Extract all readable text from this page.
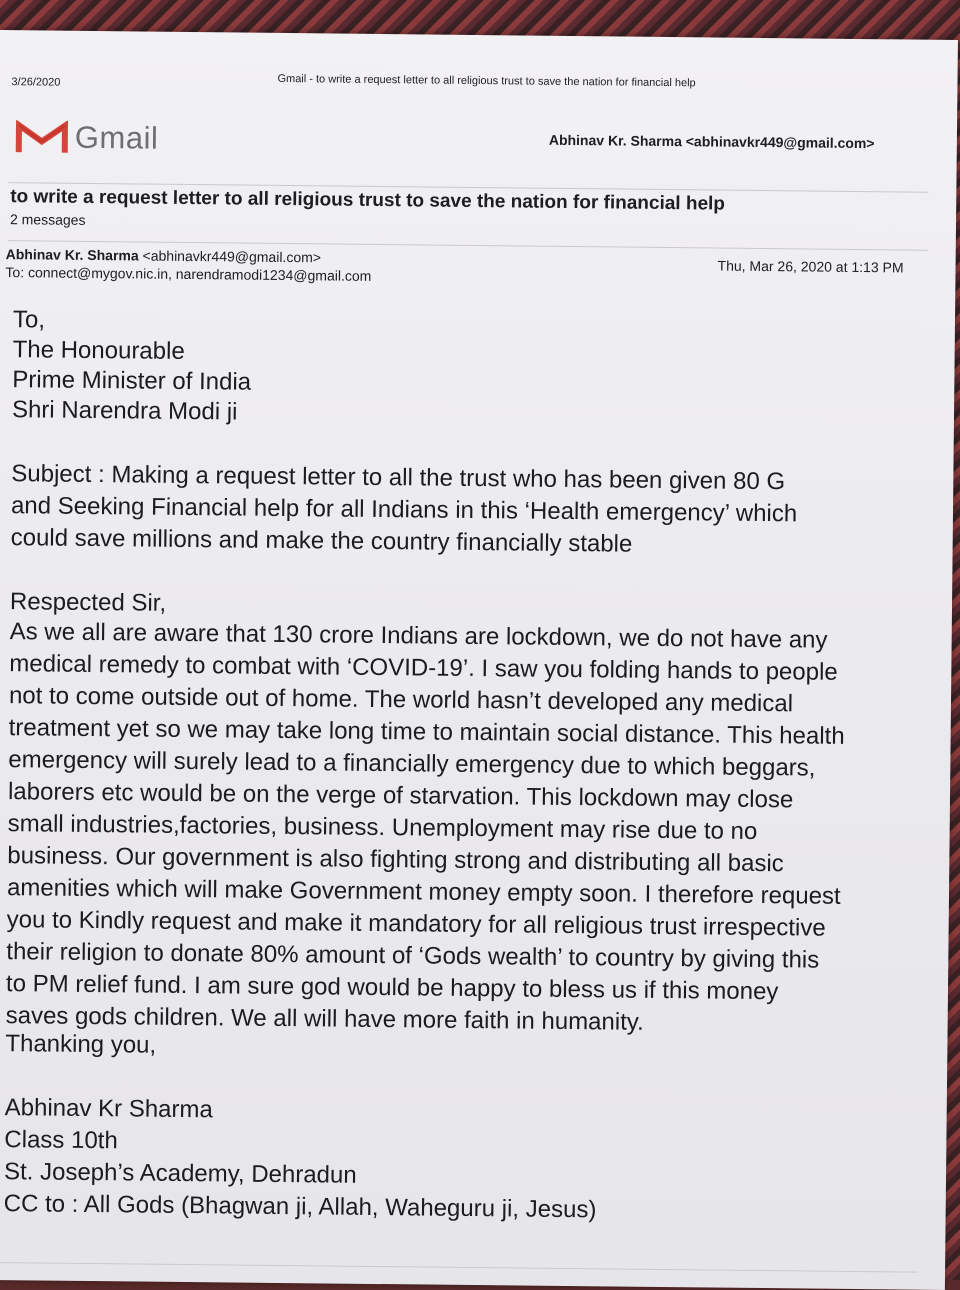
3/26/2020	Gmail - to write a request letter to all religious trust to save the nation for financial help
Gmail	Abhinav Kr. Sharma <abhinavkr449@gmail.com>
to write a request letter to all religious trust to save the nation for financial help
2 messages
Abhinav Kr. Sharma <abhinavkr449@gmail.com>
To: connect@mygov.nic.in, narendramodi1234@gmail.com	Thu, Mar 26, 2020 at 1:13 PM
To,
The Honourable
Prime Minister of India
Shri Narendra Modi ji
Subject : Making a request letter to all the trust who has been given 80 G
and Seeking Financial help for all Indians in this ‘Health emergency’ which
could save millions and make the country financially stable
Respected Sir,
As we all are aware that 130 crore Indians are lockdown, we do not have any
medical remedy to combat with ‘COVID-19’. I saw you folding hands to people
not to come outside out of home. The world hasn’t developed any medical
treatment yet so we may take long time to maintain social distance. This health
emergency will surely lead to a financially emergency due to which beggars,
laborers etc would be on the verge of starvation. This lockdown may close
small industries,factories, business. Unemployment may rise due to no
business. Our government is also fighting strong and distributing all basic
amenities which will make Government money empty soon. I therefore request
you to Kindly request and make it mandatory for all religious trust irrespective
their religion to donate 80% amount of ‘Gods wealth’ to country by giving this
to PM relief fund. I am sure god would be happy to bless us if this money
saves gods children. We all will have more faith in humanity.
Thanking you,
Abhinav Kr Sharma
Class 10th
St. Joseph’s Academy, Dehradun
CC to : All Gods (Bhagwan ji, Allah, Waheguru ji, Jesus)
